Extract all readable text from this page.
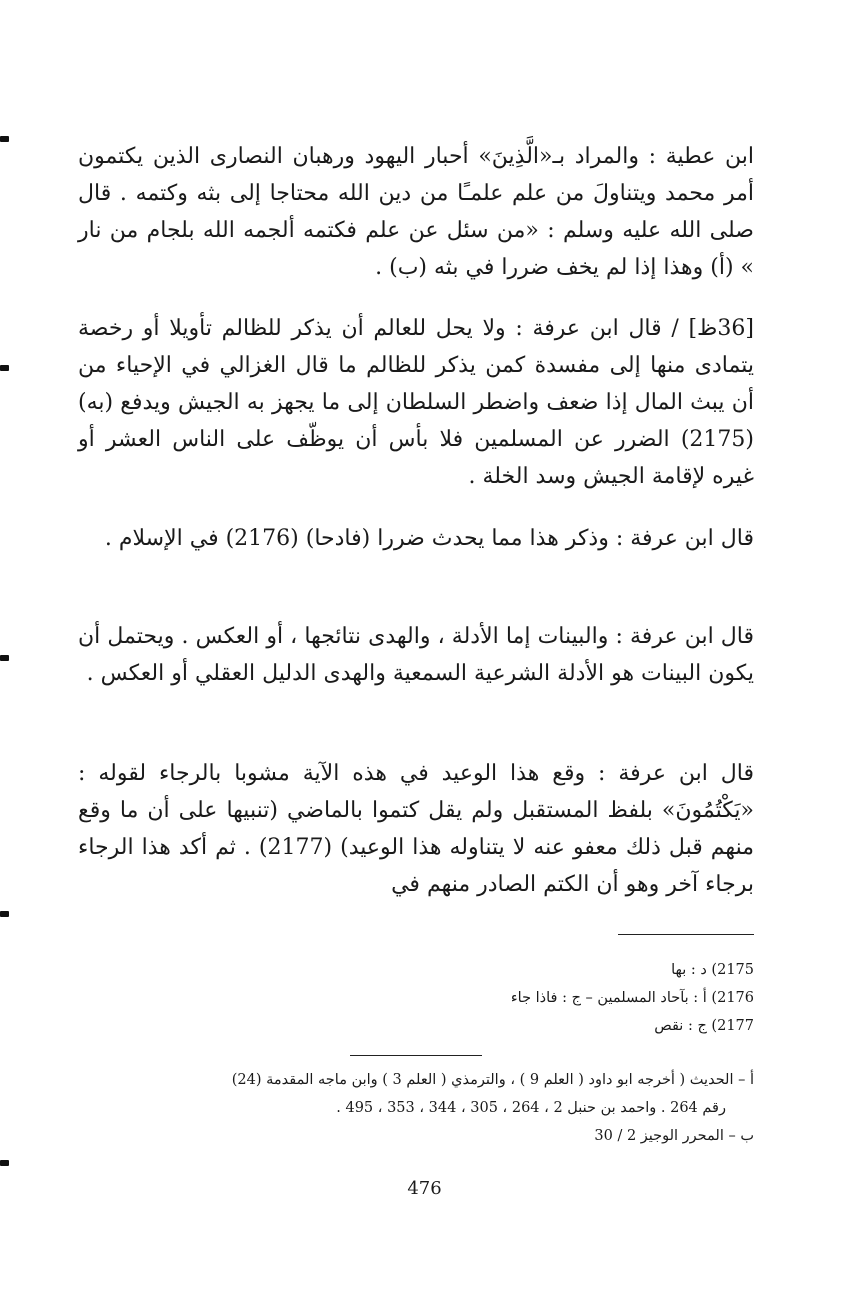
ابن عطية : والمراد بـ«الَّذِينَ» أحبار اليهود ورهبان النصارى الذين يكتمون أمر محمد ويتناولَ من علم علمـًا من دين الله محتاجا إلى بثه وكتمه . قال صلى الله عليه وسلم : «من سئل عن علم فكتمه ألجمه الله بلجام من نار » (أ) وهذا إذا لم يخف ضررا في بثه (ب) .

[36ظ] / قال ابن عرفة : ولا يحل للعالم أن يذكر للظالم تأويلا أو رخصة يتمادى منها إلى مفسدة كمن يذكر للظالم ما قال الغزالي في الإحياء من أن يبث المال إذا ضعف واضطر السلطان إلى ما يجهز به الجيش ويدفع (به) (2175) الضرر عن المسلمين فلا بأس أن يوظّف على الناس العشر أو غيره لإقامة الجيش وسد الخلة .

قال ابن عرفة : وذكر هذا مما يحدث ضررا (فادحا) (2176) في الإسلام .

قال ابن عرفة : والبينات إما الأدلة ، والهدى نتائجها ، أو العكس . ويحتمل أن يكون البينات هو الأدلة الشرعية السمعية والهدى الدليل العقلي أو العكس .

قال ابن عرفة : وقع هذا الوعيد في هذه الآية مشوبا بالرجاء لقوله : «يَكْتُمُونَ» بلفظ المستقبل ولم يقل كتموا بالماضي (تنبيها على أن ما وقع منهم قبل ذلك معفو عنه لا يتناوله هذا الوعيد) (2177) . ثم أكد هذا الرجاء برجاء آخر وهو أن الكتم الصادر منهم في

2175) د : بها

2176) أ : بآحاد المسلمين – ج : فاذا جاء

2177) ج : نقص

أ – الحديث ( أخرجه ابو داود ( العلم 9 ) ، والترمذي ( العلم 3 ) وابن ماجه المقدمة (24)

رقم 264 . واحمد بن حنبل 2 ، 264 ، 305 ، 344 ، 353 ، 495 .

ب – المحرر الوجيز 2 / 30

476
